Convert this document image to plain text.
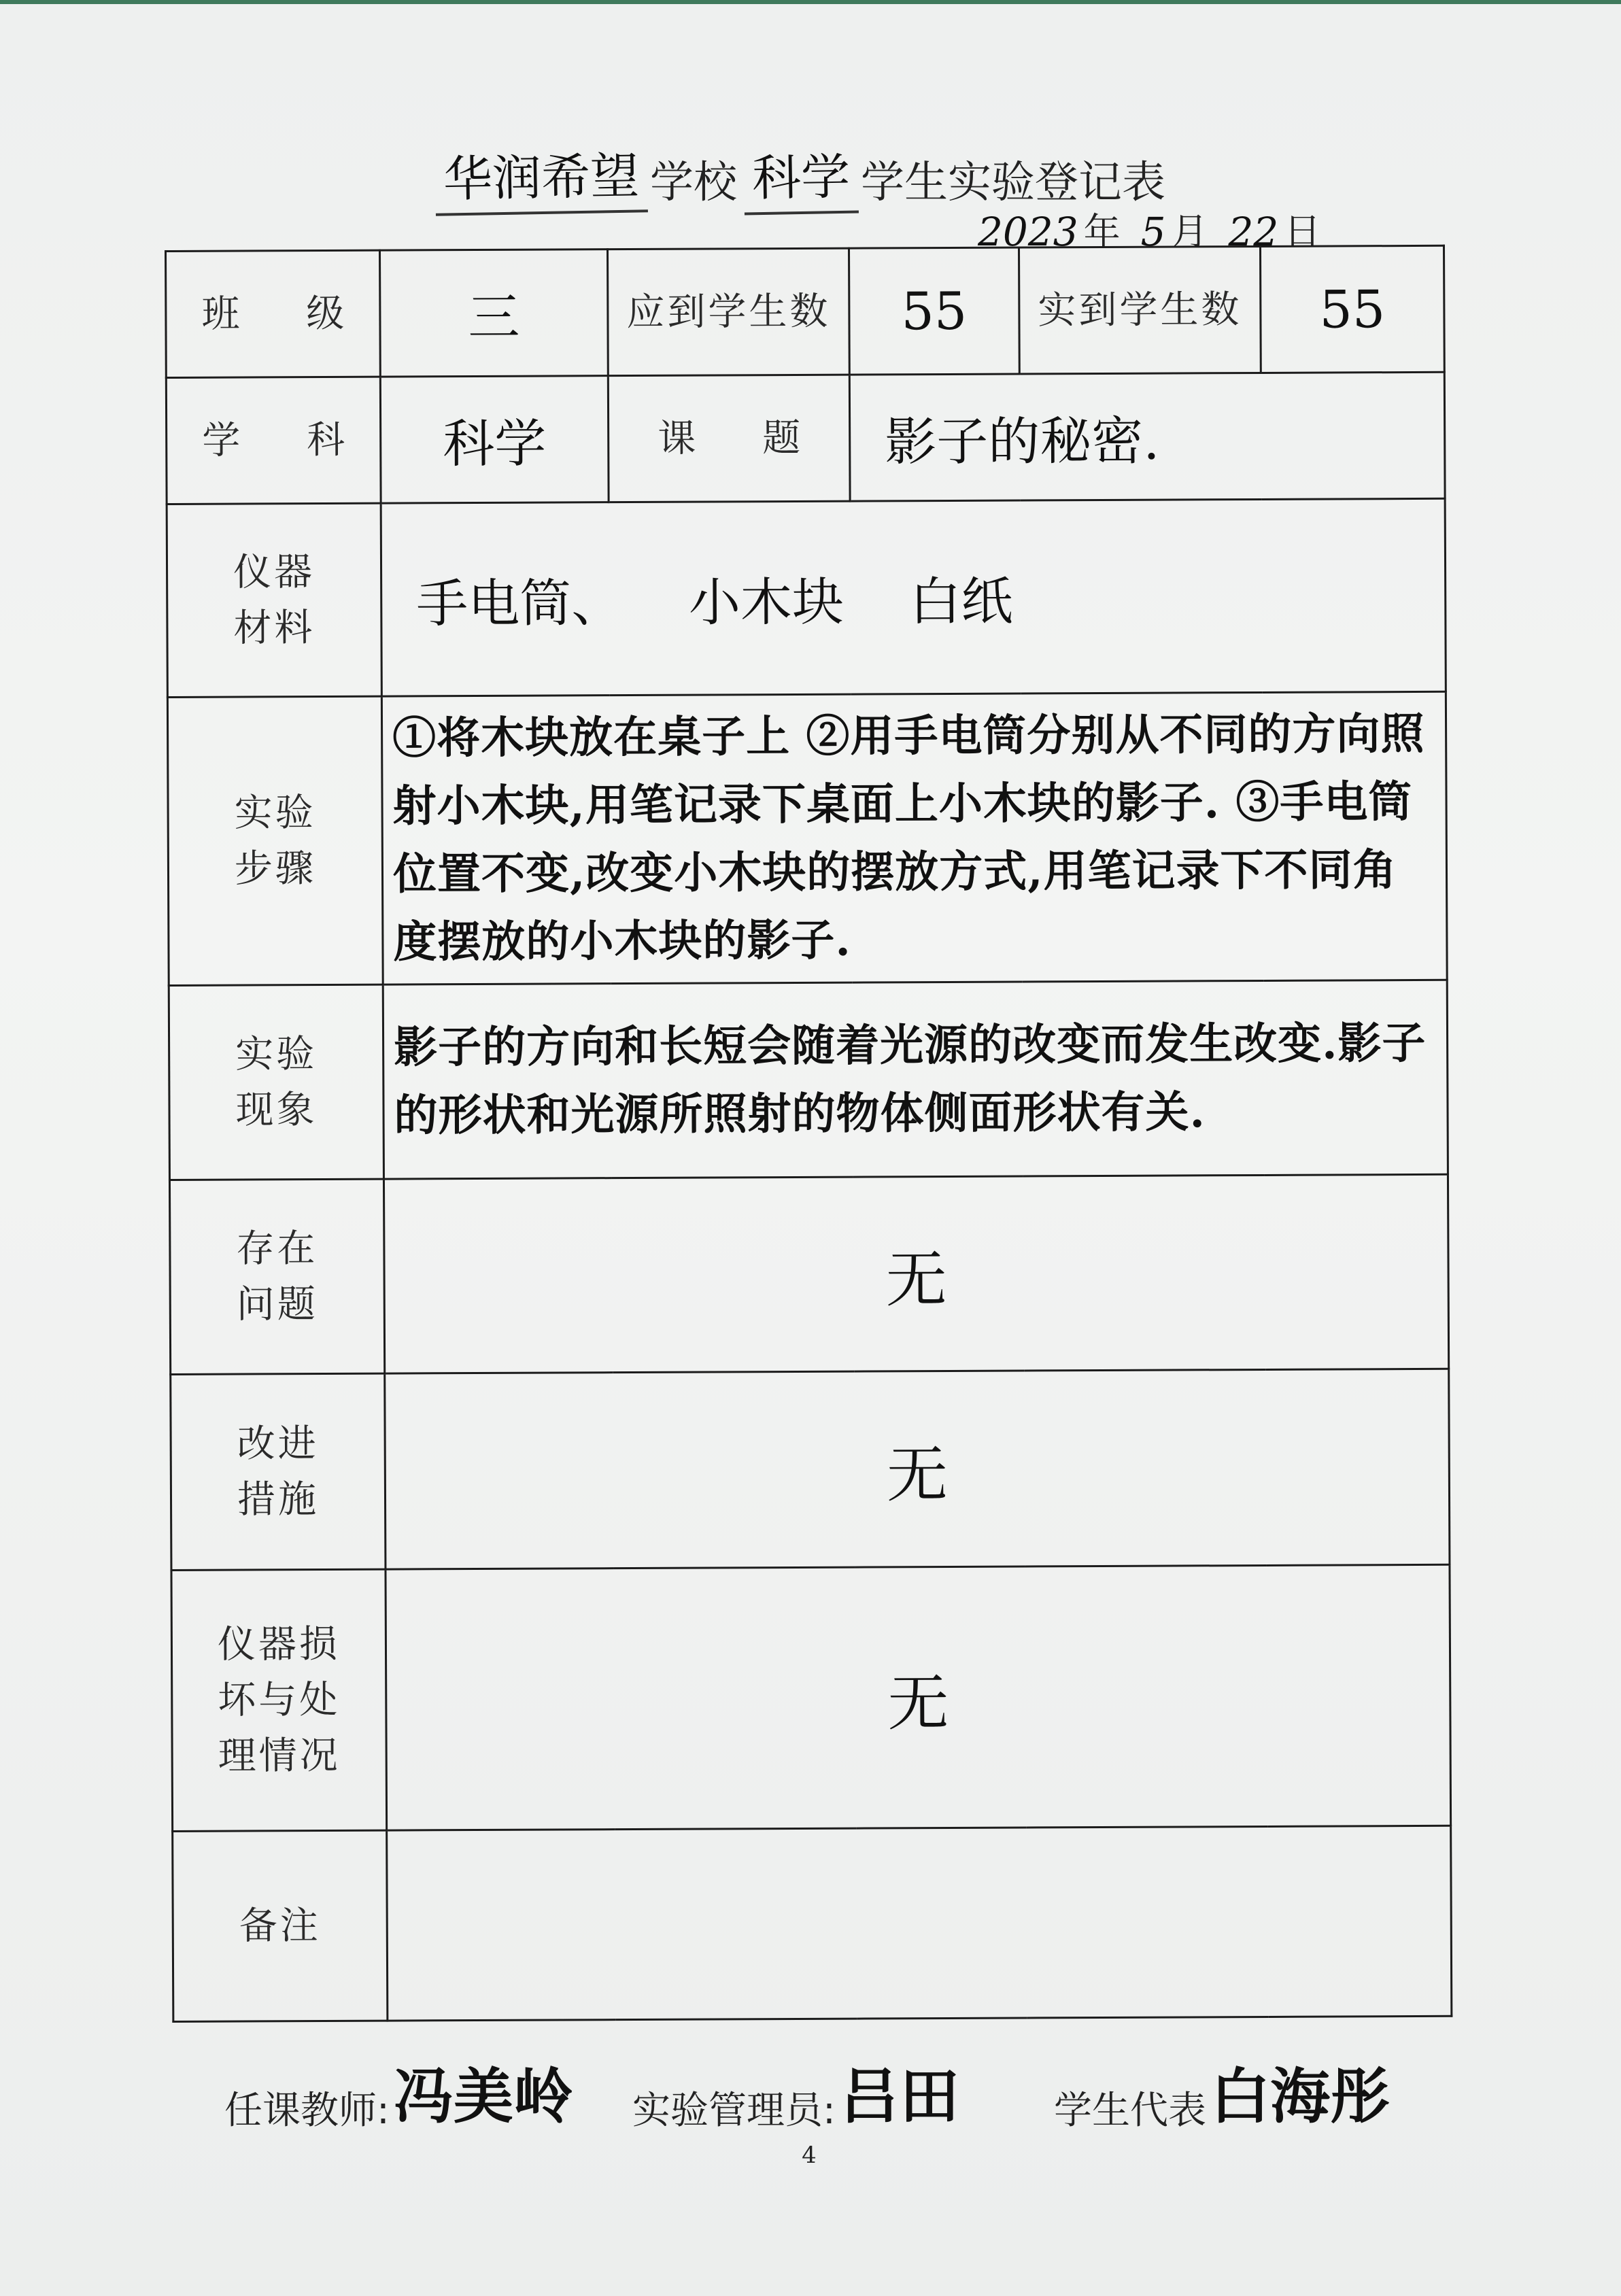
华润希望 学校 科学 学生实验登记表
2023 年 5 月 22 日
班 级	三	应到学生数	55	实到学生数	55
学 科	科学	课 题	影子的秘密.		

仪器材料	手电筒、    小木块    白纸				

实验步骤	①将木块放在桌子上 ②用手电筒分别从不同的方向照射小木块,用笔记录下桌面上小木块的影子. ③手电筒位置不变,改变小木块的摆放方式,用笔记录下不同角度摆放的小木块的影子.				

实验现象	影子的方向和长短会随着光源的改变而发生改变.影子的形状和光源所照射的物体侧面形状有关.				

存在问题	无				

改进措施	无				

仪器损坏与处理情况	无				
备注					
任课教师: 冯美岭 实验管理员: 吕田 学生代表 白海彤
4
